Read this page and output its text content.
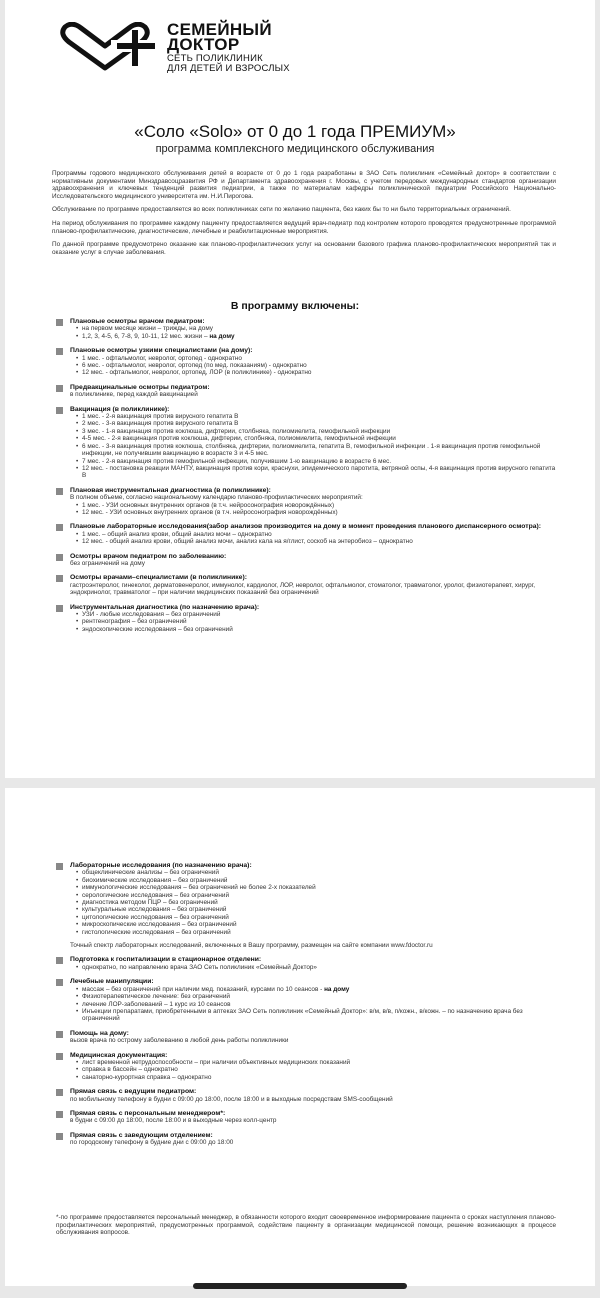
СЕМЕЙНЫЙ
ДОКТОР
СЕТЬ ПОЛИКЛИНИК
ДЛЯ ДЕТЕЙ И ВЗРОСЛЫХ
«Соло «Solo» от 0 до 1 года ПРЕМИУМ»
программа комплексного медицинского обслуживания

Программы годового медицинского обслуживания детей в возрасте от 0 до 1 года разработаны в ЗАО Сеть поликлиник «Семейный доктор» в соответствии с нормативным документами Минздравсоцразвития РФ и Департамента здравоохранения г. Москвы, с учетом передовых международных стандартов организации здравоохранения и ключевых тенденций развития педиатрии, а также по материалам кафедры поликлинической педиатрии Российского Национально-Исследовательского медицинского университета им. Н.И.Пирогова.

Обслуживание по программе предоставляется во всех поликлиниках сети по желанию пациента, без каких бы то ни было территориальных ограничений.

На период обслуживания по программе каждому пациенту предоставляется ведущий врач-педиатр под контролем которого проводятся предусмотренные программой планово-профилактические, диагностические, лечебные и реабилитационные мероприятия.

По данной программе предусмотрено оказание как планово-профилактических услуг на основании базового графика планово-профилактических мероприятий так и оказание услуг в случае заболевания.

В программу включены:
Плановые осмотры врачом педиатром:
• на первом месяце жизни – трижды, на дому
• 1,2, 3, 4-5, 6, 7-8, 9, 10-11, 12 мес. жизни – на дому
Плановые осмотры узкими специалистами (на дому):
• 1 мес. - офтальмолог, невролог, ортопед - однократно
• 6 мес. - офтальмолог, невролог, ортопед (по мед. показаниям) - однократно
• 12 мес. - офтальмолог, невролог, ортопед, ЛОР (в поликлинике) - однократно
Предвакцинальные осмотры педиатром:
в поликлинике, перед каждой вакцинацией
Вакцинация (в поликлинике):
• 1 мес. - 2-я вакцинация против вирусного гепатита В
• 2 мес. - 3-я вакцинация против вирусного гепатита В
• 3 мес. - 1-я вакцинация против коклюша, дифтерии, столбняка, полиомиелита, гемофильной инфекции
• 4-5 мес. - 2-я вакцинация против коклюша, дифтерии, столбняка, полиомиелита, гемофильной инфекции
• 6 мес. - 3-я вакцинация против коклюша, столбняка, дифтерии, полиомиелита, гепатита В, гемофильной инфекции . 1-я вакцинация против гемофильной инфекции, не получившим вакцинацию в возрасте 3 и 4-5 мес.
• 7 мес. - 2-я вакцинация против гемофильной инфекции, получившим 1-ю вакцинацию в возрасте 6 мес.
• 12 мес. - постановка реакции МАНТУ, вакцинация против кори, краснухи, эпидемического паротита, ветряной оспы, 4-я вакцинация против вирусного гепатита В
Плановая инструментальная диагностика (в поликлинике):
В полном объеме, согласно национальному календарю планово-профилактических мероприятий:
• 1 мес. - УЗИ основных внутренних органов (в т.ч. нейросонография новорождённых)
• 12 мес. - УЗИ основных внутренних органов (в т.ч. нейросонография новорождённых)
Плановые лабораторные исследования(забор анализов производится на дому в момент проведения планового диспансерного осмотра):
• 1 мес. – общий анализ крови, общий анализ мочи – однократно
• 12 мес. - общий анализ крови, общий анализ мочи, анализ кала на я/глист, соскоб на энтеробиоз – однократно
Осмотры врачом педиатром по заболеванию:
без ограничений на дому
Осмотры врачами–специалистами (в поликлинике):
гастроэнтеролог, гинеколог, дерматовенеролог, иммунолог, кардиолог, ЛОР, невролог, офтальмолог, стоматолог, травматолог, уролог, физиотерапевт, хирург, эндокринолог, травматолог – при наличии медицинских показаний без ограничений
Инструментальная диагностика (по назначению врача):
• УЗИ - любые исследования – без ограничений
• рентгенография – без ограничений
• эндоскопические исследования – без ограничений
Лабораторные исследования (по назначению врача):
• общеклинические анализы – без ограничений
• биохимические исследования – без ограничений
• иммунологические исследования – без ограничений не более 2-х показателей
• серологические исследования – без ограничений
• диагностика методом ПЦР – без ограничений
• культуральные исследования – без ограничений
• цитологические исследования – без ограничений
• микроскопические исследования – без ограничений
• гистологические исследования – без ограничений
Точный спектр лабораторных исследований, включенных в Вашу программу, размещен на сайте компании www.fdoctor.ru
Подготовка к госпитализации в стационарное отделени:
• однократно, по направлению врача ЗАО Сеть поликлиник «Семейный Доктор»
Лечебные манипуляции:
• массаж – без ограничений при наличии мед. показаний, курсами по 10 сеансов - на дому
• Физиотерапевтическое лечение: без ограничений
• лечение ЛОР-заболеваний – 1 курс из 10 сеансов
• Инъекции препаратами, приобретенными в аптеках ЗАО Сеть поликлиник «Семейный Доктор»: в/м, в/в, п/кожн., в/кожн. – по назначению врача без ограничений
Помощь на дому:
вызов врача по острому заболеванию в любой день работы поликлиники
Медицинская документация:
• лист временной нетрудоспособности – при наличии объективных медицинских показаний
• справка в бассейн – однократно
• санаторно-курортная справка – однократно
Прямая связь с ведущим педиатром:
по мобильному телефону в будни с 09:00 до 18:00, после 18:00 и в выходные посредствам SMS-сообщений
Прямая связь с персональным менеджером*:
в будни с 09:00 до 18:00, после 18:00 и в выходные через колл-центр
Прямая связь с заведующим отделением:
по городскому телефону в будние дни с 09:00 до 18:00
*-по программе предоставляется персональный менеджер, в обязанности которого входит своевременное информирование пациента о сроках наступления планово-профилактических мероприятий, предусмотренных программой, содействие пациенту в организации медицинской помощи, решение возникающих в процессе обслуживания вопросов.
